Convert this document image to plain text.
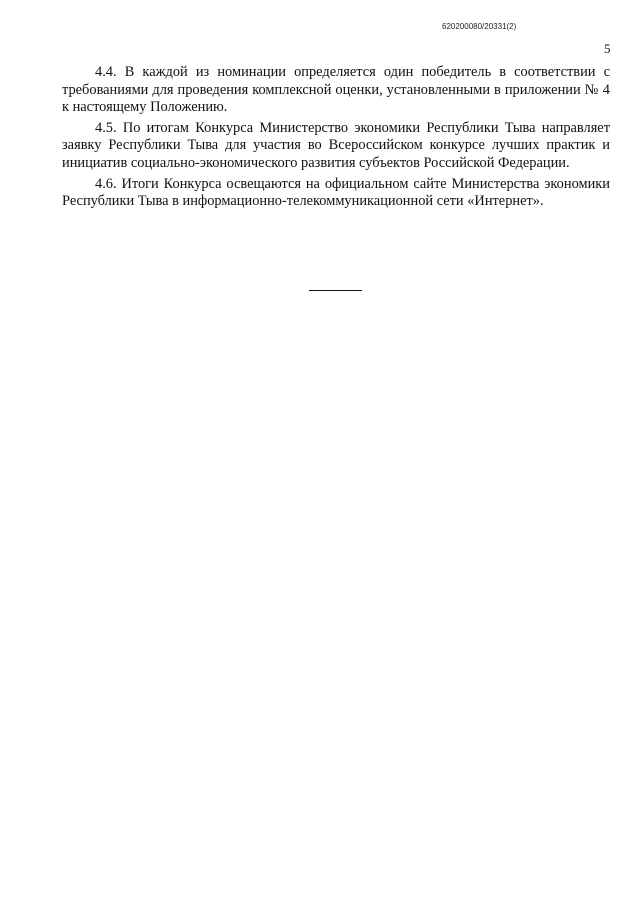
620200080/20331(2)
5

4.4. В каждой из номинации определяется один победитель в соответствии с требованиями для проведения комплексной оценки, установленными в приложении № 4 к настоящему Положению.

4.5. По итогам Конкурса Министерство экономики Республики Тыва направляет заявку Республики Тыва для участия во Всероссийском конкурсе лучших практик и инициатив социально-экономического развития субъектов Российской Федерации.

4.6. Итоги Конкурса освещаются на официальном сайте Министерства экономики Республики Тыва в информационно-телекоммуникационной сети «Интернет».
